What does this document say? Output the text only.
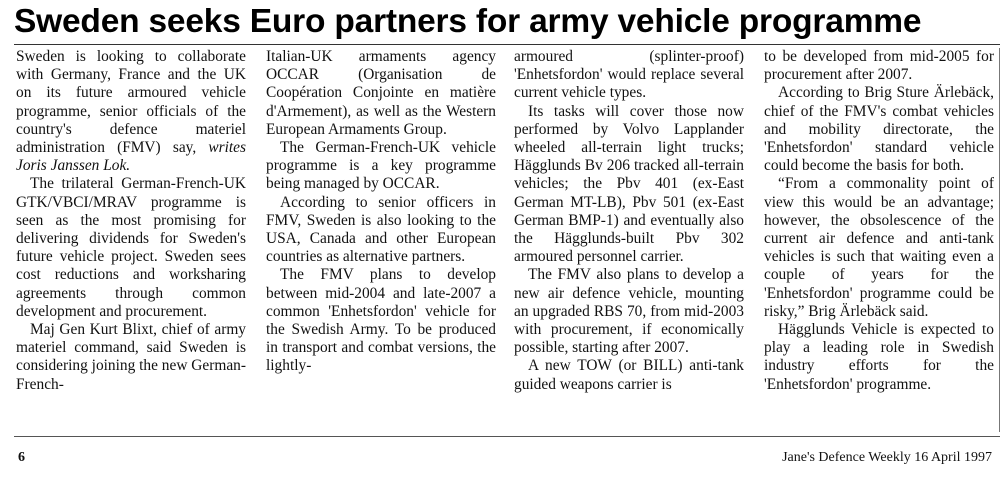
Sweden seeks Euro partners for army vehicle programme

Sweden is looking to collaborate with Germany, France and the UK on its future armoured vehicle programme, senior officials of the country's defence materiel administration (FMV) say, writes Joris Janssen Lok.

The trilateral German-French-UK GTK/VBCI/MRAV programme is seen as the most promising for delivering dividends for Sweden's future vehicle project. Sweden sees cost reductions and worksharing agreements through common development and procurement.

Maj Gen Kurt Blixt, chief of army materiel command, said Sweden is considering joining the new German-French-

Italian-UK armaments agency OCCAR (Organisation de Coopération Conjointe en matière d'Armement), as well as the Western European Armaments Group.

The German-French-UK vehicle programme is a key programme being managed by OCCAR.

According to senior officers in FMV, Sweden is also looking to the USA, Canada and other European countries as alternative partners.

The FMV plans to develop between mid-2004 and late-2007 a common 'Enhetsfordon' vehicle for the Swedish Army. To be produced in transport and combat versions, the lightly-

armoured (splinter-proof) 'Enhetsfordon' would replace several current vehicle types.

Its tasks will cover those now performed by Volvo Lapplander wheeled all-terrain light trucks; Hägglunds Bv 206 tracked all-terrain vehicles; the Pbv 401 (ex-East German MT-LB), Pbv 501 (ex-East German BMP-1) and eventually also the Hägglunds-built Pbv 302 armoured personnel carrier.

The FMV also plans to develop a new air defence vehicle, mounting an upgraded RBS 70, from mid-2003 with procurement, if economically possible, starting after 2007.

A new TOW (or BILL) anti-tank guided weapons carrier is

to be developed from mid-2005 for procurement after 2007.

According to Brig Sture Ärlebäck, chief of the FMV's combat vehicles and mobility directorate, the 'Enhetsfordon' standard vehicle could become the basis for both.

“From a commonality point of view this would be an advantage; however, the obsolescence of the current air defence and anti-tank vehicles is such that waiting even a couple of years for the 'Enhetsfordon' programme could be risky,” Brig Ärlebäck said.

Hägglunds Vehicle is expected to play a leading role in Swedish industry efforts for the 'Enhetsfordon' programme.

6	Jane's Defence Weekly 16 April 1997
